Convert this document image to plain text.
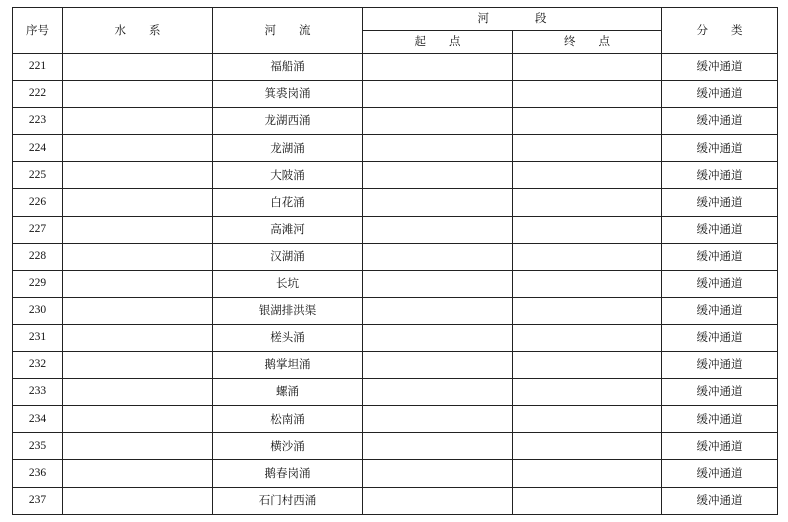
序号	水　　系	河　　流	河　　　　段		分　　类
			起　　点	终　　点	
221		福船涌			缓冲通道
222		箕裘岗涌			缓冲通道
223		龙湖西涌			缓冲通道
224		龙湖涌			缓冲通道
225		大陂涌			缓冲通道
226		白花涌			缓冲通道
227		高滩河			缓冲通道
228		汉湖涌			缓冲通道
229		长坑			缓冲通道
230		银湖排洪渠			缓冲通道
231		槎头涌			缓冲通道
232		鹅掌坦涌			缓冲通道
233		螺涌			缓冲通道
234		松南涌			缓冲通道
235		横沙涌			缓冲通道
236		鹅春岗涌			缓冲通道
237		石门村西涌			缓冲通道
